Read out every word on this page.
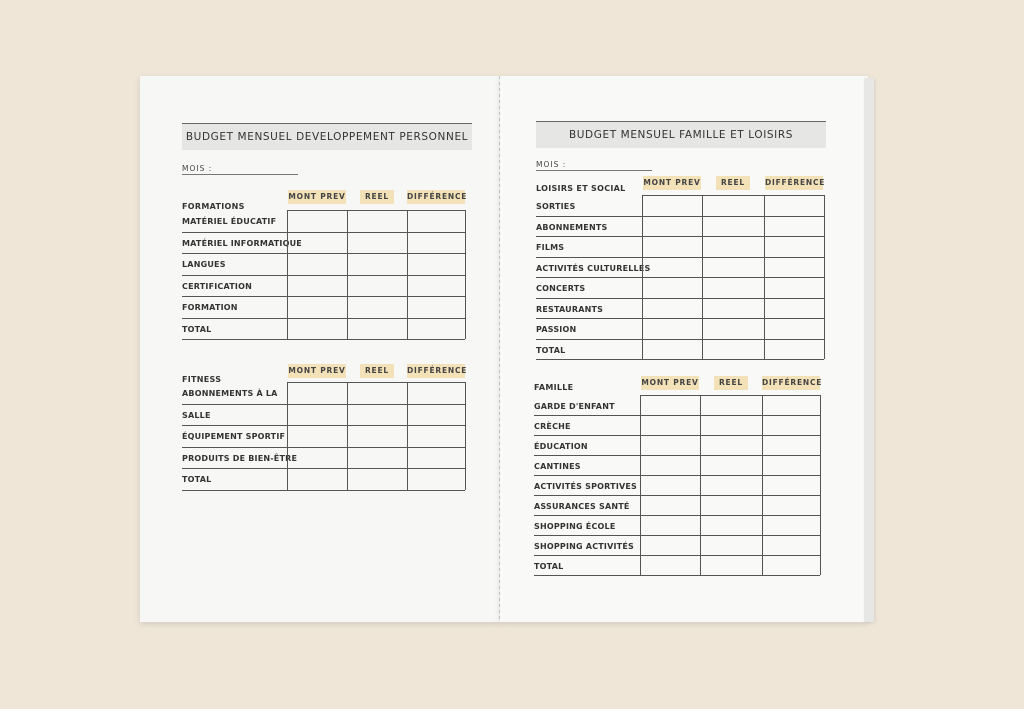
BUDGET MENSUEL DEVELOPPEMENT PERSONNEL
MOIS :
FORMATIONS
MONT PREV	REEL	DIFFÉRENCE
MATÉRIEL ÉDUCATIF
MATÉRIEL INFORMATIQUE
LANGUES
CERTIFICATION
FORMATION
TOTAL
FITNESS
MONT PREV	REEL	DIFFÉRENCE
ABONNEMENTS À LA
SALLE
ÉQUIPEMENT SPORTIF
PRODUITS DE BIEN-ÊTRE
TOTAL
BUDGET MENSUEL FAMILLE ET LOISIRS
MOIS :
LOISIRS ET SOCIAL
MONT PREV	REEL	DIFFÉRENCE
SORTIES
ABONNEMENTS
FILMS
ACTIVITÉS CULTURELLES
CONCERTS
RESTAURANTS
PASSION
TOTAL
FAMILLE
MONT PREV	REEL	DIFFÉRENCE
GARDE D'ENFANT
CRÈCHE
ÉDUCATION
CANTINES
ACTIVITÉS SPORTIVES
ASSURANCES SANTÉ
SHOPPING ÉCOLE
SHOPPING ACTIVITÉS
TOTAL
